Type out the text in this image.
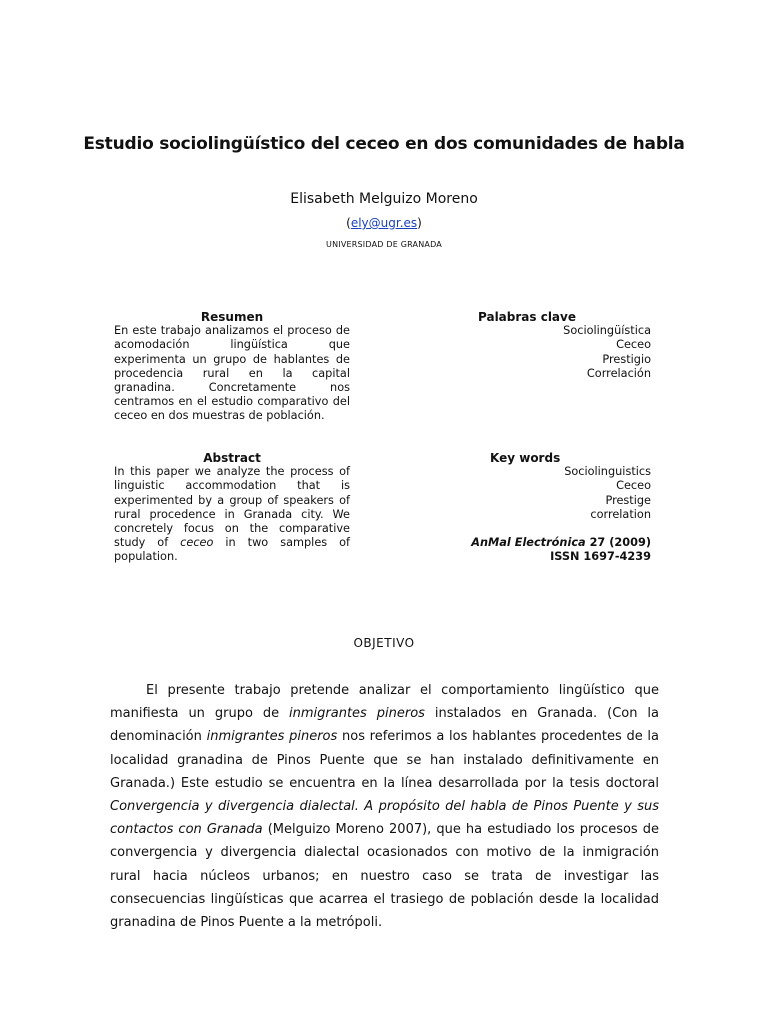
Estudio sociolingüístico del ceceo en dos comunidades de habla
Elisabeth Melguizo Moreno
(ely@ugr.es)
UNIVERSIDAD DE GRANADA
Resumen
En este trabajo analizamos el proceso de acomodación lingüística que experimenta un grupo de hablantes de procedencia rural en la capital granadina. Concretamente nos centramos en el estudio comparativo del ceceo en dos muestras de población.
Palabras clave
Sociolingüística
Ceceo
Prestigio
Correlación
Abstract
In this paper we analyze the process of linguistic accommodation that is experimented by a group of speakers of rural procedence in Granada city. We concretely focus on the comparative study of ceceo in two samples of population.
Key words
Sociolinguistics
Ceceo
Prestige
correlation
AnMal Electrónica 27 (2009)
ISSN 1697-4239
OBJETIVO

El presente trabajo pretende analizar el comportamiento lingüístico que manifiesta un grupo de inmigrantes pineros instalados en Granada. (Con la denominación inmigrantes pineros nos referimos a los hablantes procedentes de la localidad granadina de Pinos Puente que se han instalado definitivamente en Granada.) Este estudio se encuentra en la línea desarrollada por la tesis doctoral Convergencia y divergencia dialectal. A propósito del habla de Pinos Puente y sus contactos con Granada (Melguizo Moreno 2007), que ha estudiado los procesos de convergencia y divergencia dialectal ocasionados con motivo de la inmigración rural hacia núcleos urbanos; en nuestro caso se trata de investigar las consecuencias lingüísticas que acarrea el trasiego de población desde la localidad granadina de Pinos Puente a la metrópoli.
